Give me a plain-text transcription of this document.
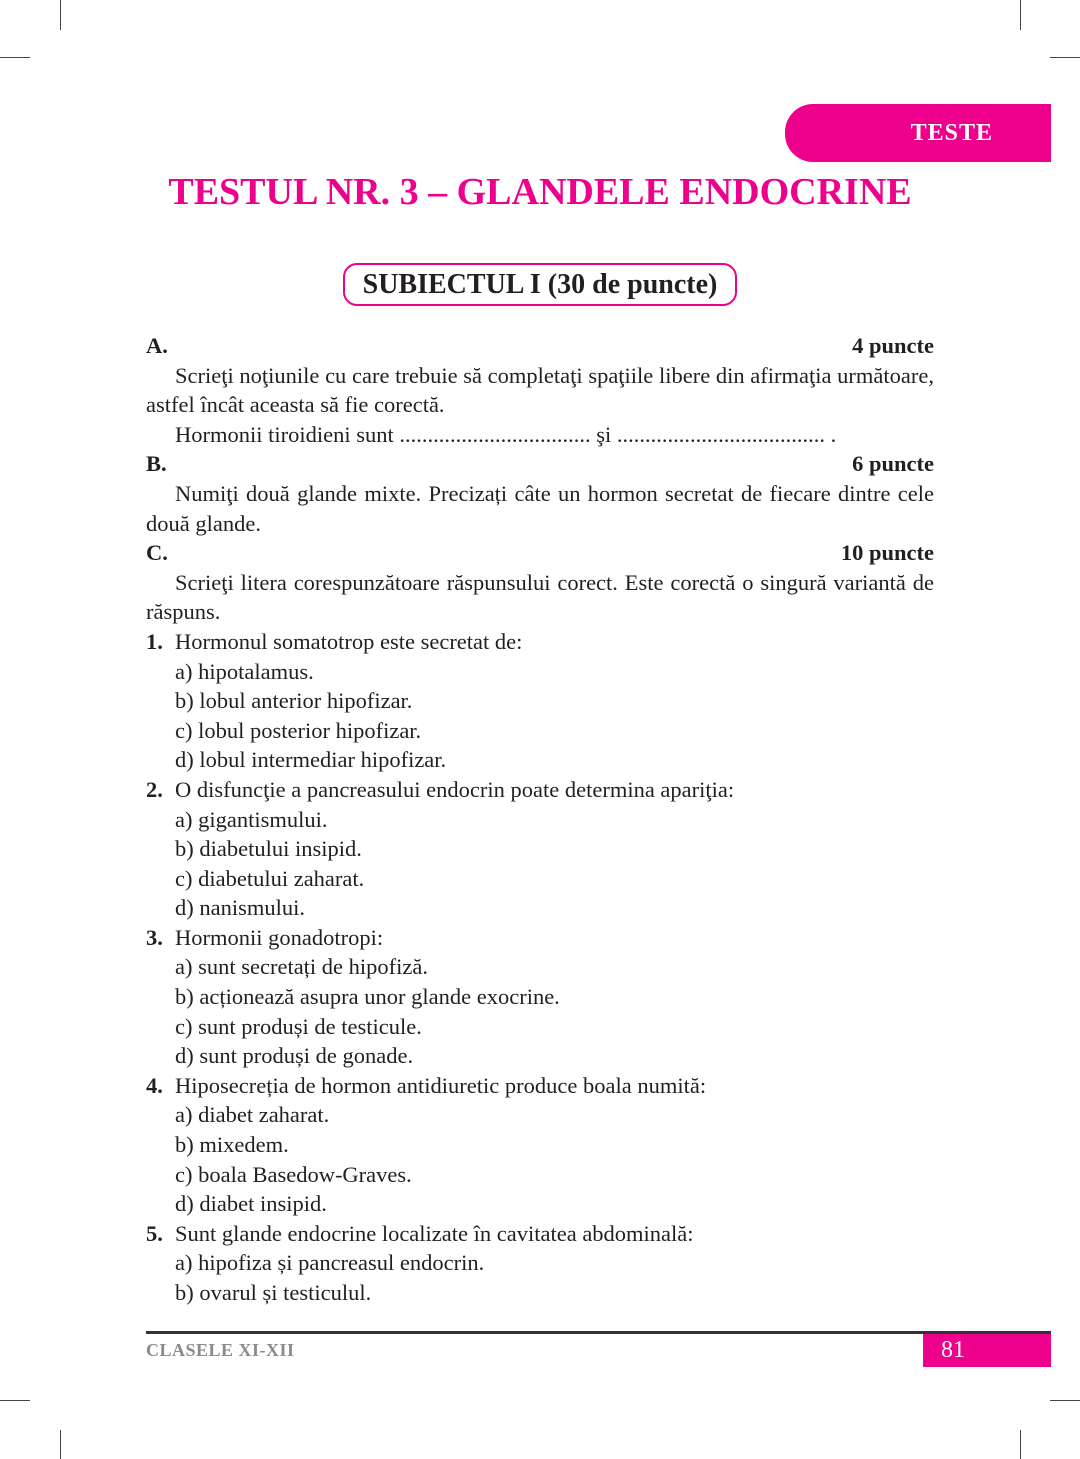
TESTE
TESTUL NR. 3 – GLANDELE ENDOCRINE
SUBIECTUL I (30 de puncte)
A.	4 puncte
Scrieţi noţiunile cu care trebuie să completaţi spaţiile libere din afirmaţia următoare, astfel încât aceasta să fie corectă.
Hormonii tiroidieni sunt .................................. şi ..................................... .
B.	6 puncte
Numiţi două glande mixte. Precizați câte un hormon secretat de fiecare dintre cele două glande.
C.	10 puncte
Scrieţi litera corespunzătoare răspunsului corect. Este corectă o singură variantă de răspuns.
1. Hormonul somatotrop este secretat de:
a) hipotalamus.
b) lobul anterior hipofizar.
c) lobul posterior hipofizar.
d) lobul intermediar hipofizar.
2. O disfuncţie a pancreasului endocrin poate determina apariţia:
a) gigantismului.
b) diabetului insipid.
c) diabetului zaharat.
d) nanismului.
3. Hormonii gonadotropi:
a) sunt secretați de hipofiză.
b) acționează asupra unor glande exocrine.
c) sunt produși de testicule.
d) sunt produși de gonade.
4. Hiposecreția de hormon antidiuretic produce boala numită:
a) diabet zaharat.
b) mixedem.
c) boala Basedow-Graves.
d) diabet insipid.
5. Sunt glande endocrine localizate în cavitatea abdominală:
a) hipofiza și pancreasul endocrin.
b) ovarul și testiculul.
CLASELE XI-XII	81
